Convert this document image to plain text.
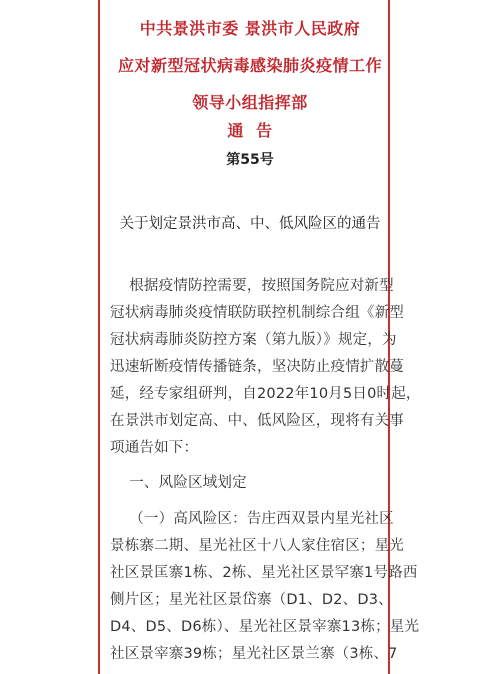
中共景洪市委 景洪市人民政府
应对新型冠状病毒感染肺炎疫情工作
领导小组指挥部
通  告
第55号
关于划定景洪市高、中、低风险区的通告
根据疫情防控需要，按照国务院应对新型
冠状病毒肺炎疫情联防联控机制综合组《新型
冠状病毒肺炎防控方案（第九版）》规定，为
迅速斩断疫情传播链条，坚决防止疫情扩散蔓
延，经专家组研判，自2022年10月5日0时起，
在景洪市划定高、中、低风险区，现将有关事
项通告如下：
一、风险区域划定
（一）高风险区：告庄西双景内星光社区
景栋寨二期、星光社区十八人家住宿区；星光
社区景匡寨1栋、2栋、星光社区景罕寨1号路西
侧片区；星光社区景岱寨（D1、D2、D3、
D4、D5、D6栋）、星光社区景宰寨13栋；星光
社区景宰寨39栋；星光社区景兰寨（3栋、7
